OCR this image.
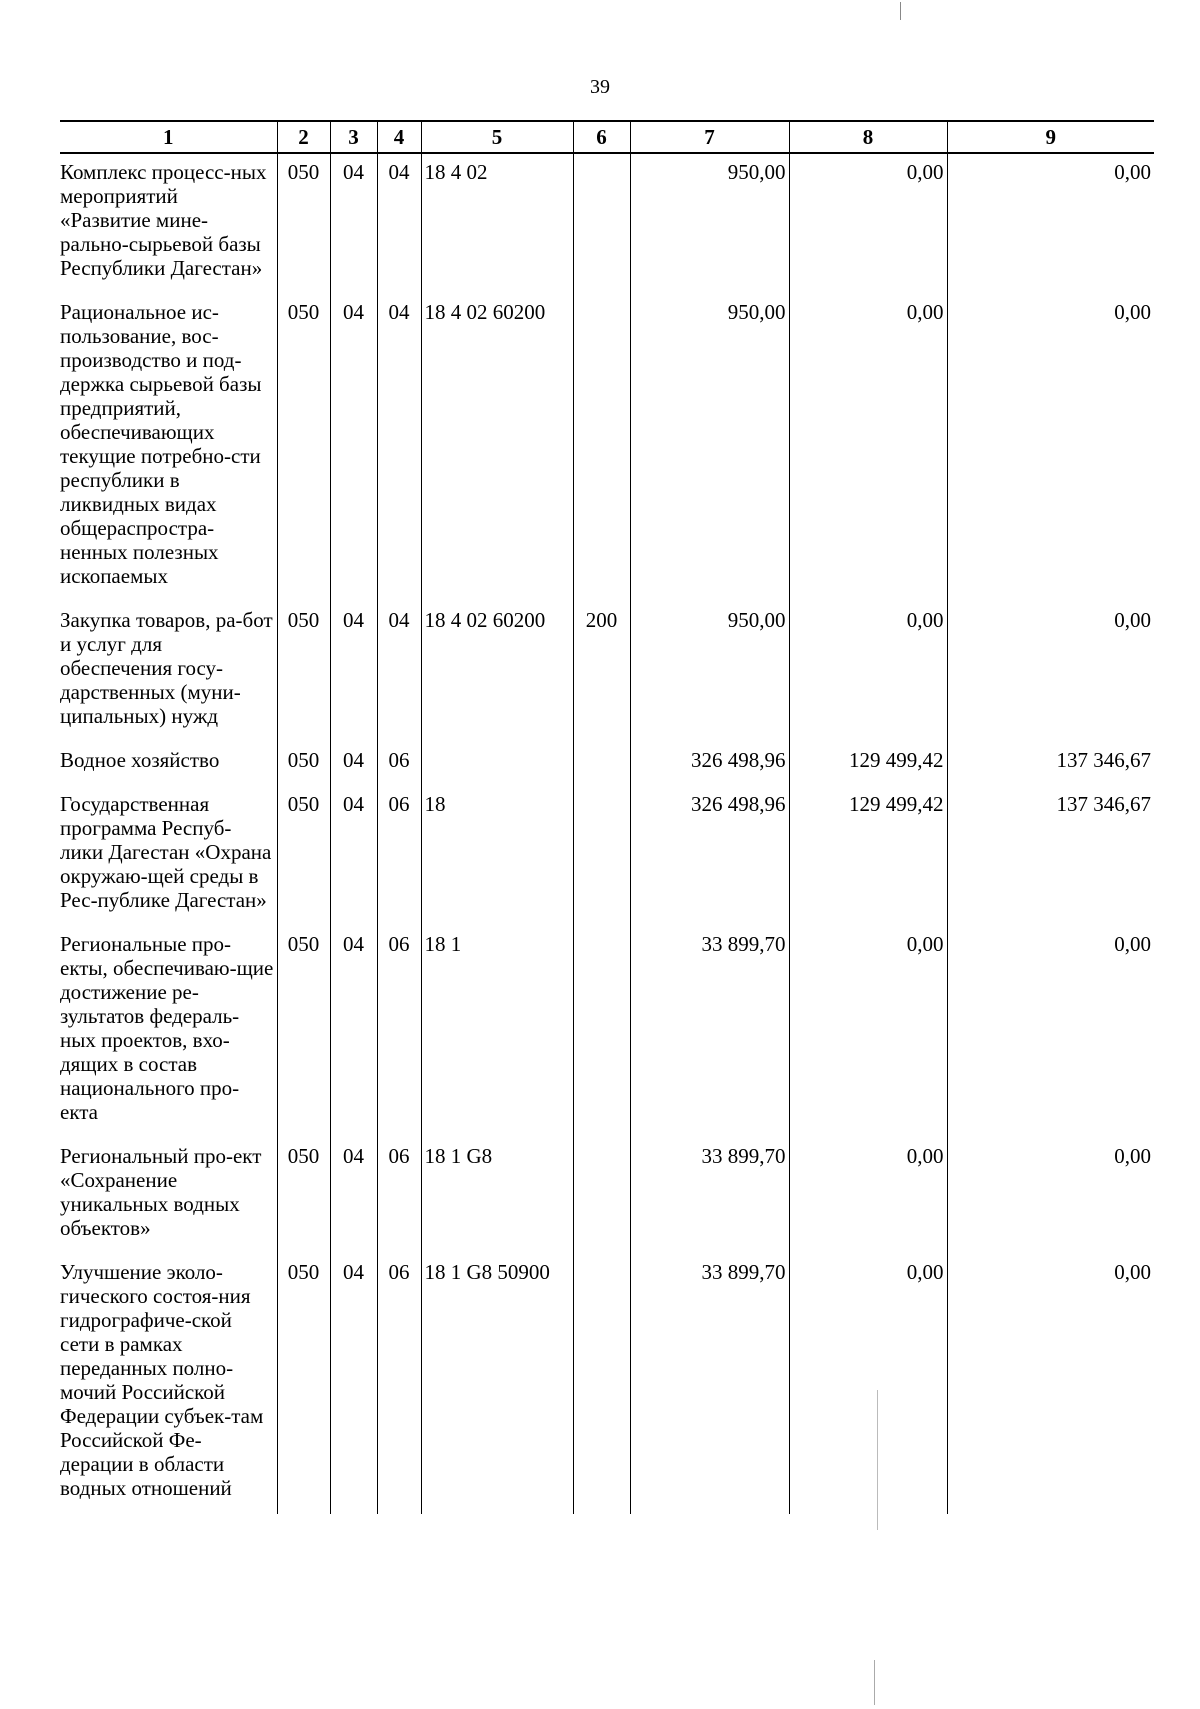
39
1	2	3	4	5	6	7	8	9
Комплекс процесс-ных мероприятий «Развитие мине-рально-сырьевой базы Республики Дагестан»	050	04	04	18 4 02		950,00	0,00	0,00
Рациональное ис-пользование, вос-производство и под-держка сырьевой базы предприятий, обеспечивающих текущие потребно-сти республики в ликвидных видах общераспростра-ненных полезных ископаемых	050	04	04	18 4 02 60200		950,00	0,00	0,00
Закупка товаров, ра-бот и услуг для обеспечения госу-дарственных (муни-ципальных) нужд	050	04	04	18 4 02 60200	200	950,00	0,00	0,00
Водное хозяйство	050	04	06			326 498,96	129 499,42	137 346,67
Государственная программа Респуб-лики Дагестан «Охрана окружаю-щей среды в Рес-публике Дагестан»	050	04	06	18		326 498,96	129 499,42	137 346,67
Региональные про-екты, обеспечиваю-щие достижение ре-зультатов федераль-ных проектов, вхо-дящих в состав национального про-екта	050	04	06	18 1		33 899,70	0,00	0,00
Региональный про-ект «Сохранение уникальных водных объектов»	050	04	06	18 1 G8		33 899,70	0,00	0,00
Улучшение эколо-гического состоя-ния гидрографиче-ской сети в рамках переданных полно-мочий Российской Федерации субъек-там Российской Фе-дерации в области водных отношений	050	04	06	18 1 G8 50900		33 899,70	0,00	0,00
